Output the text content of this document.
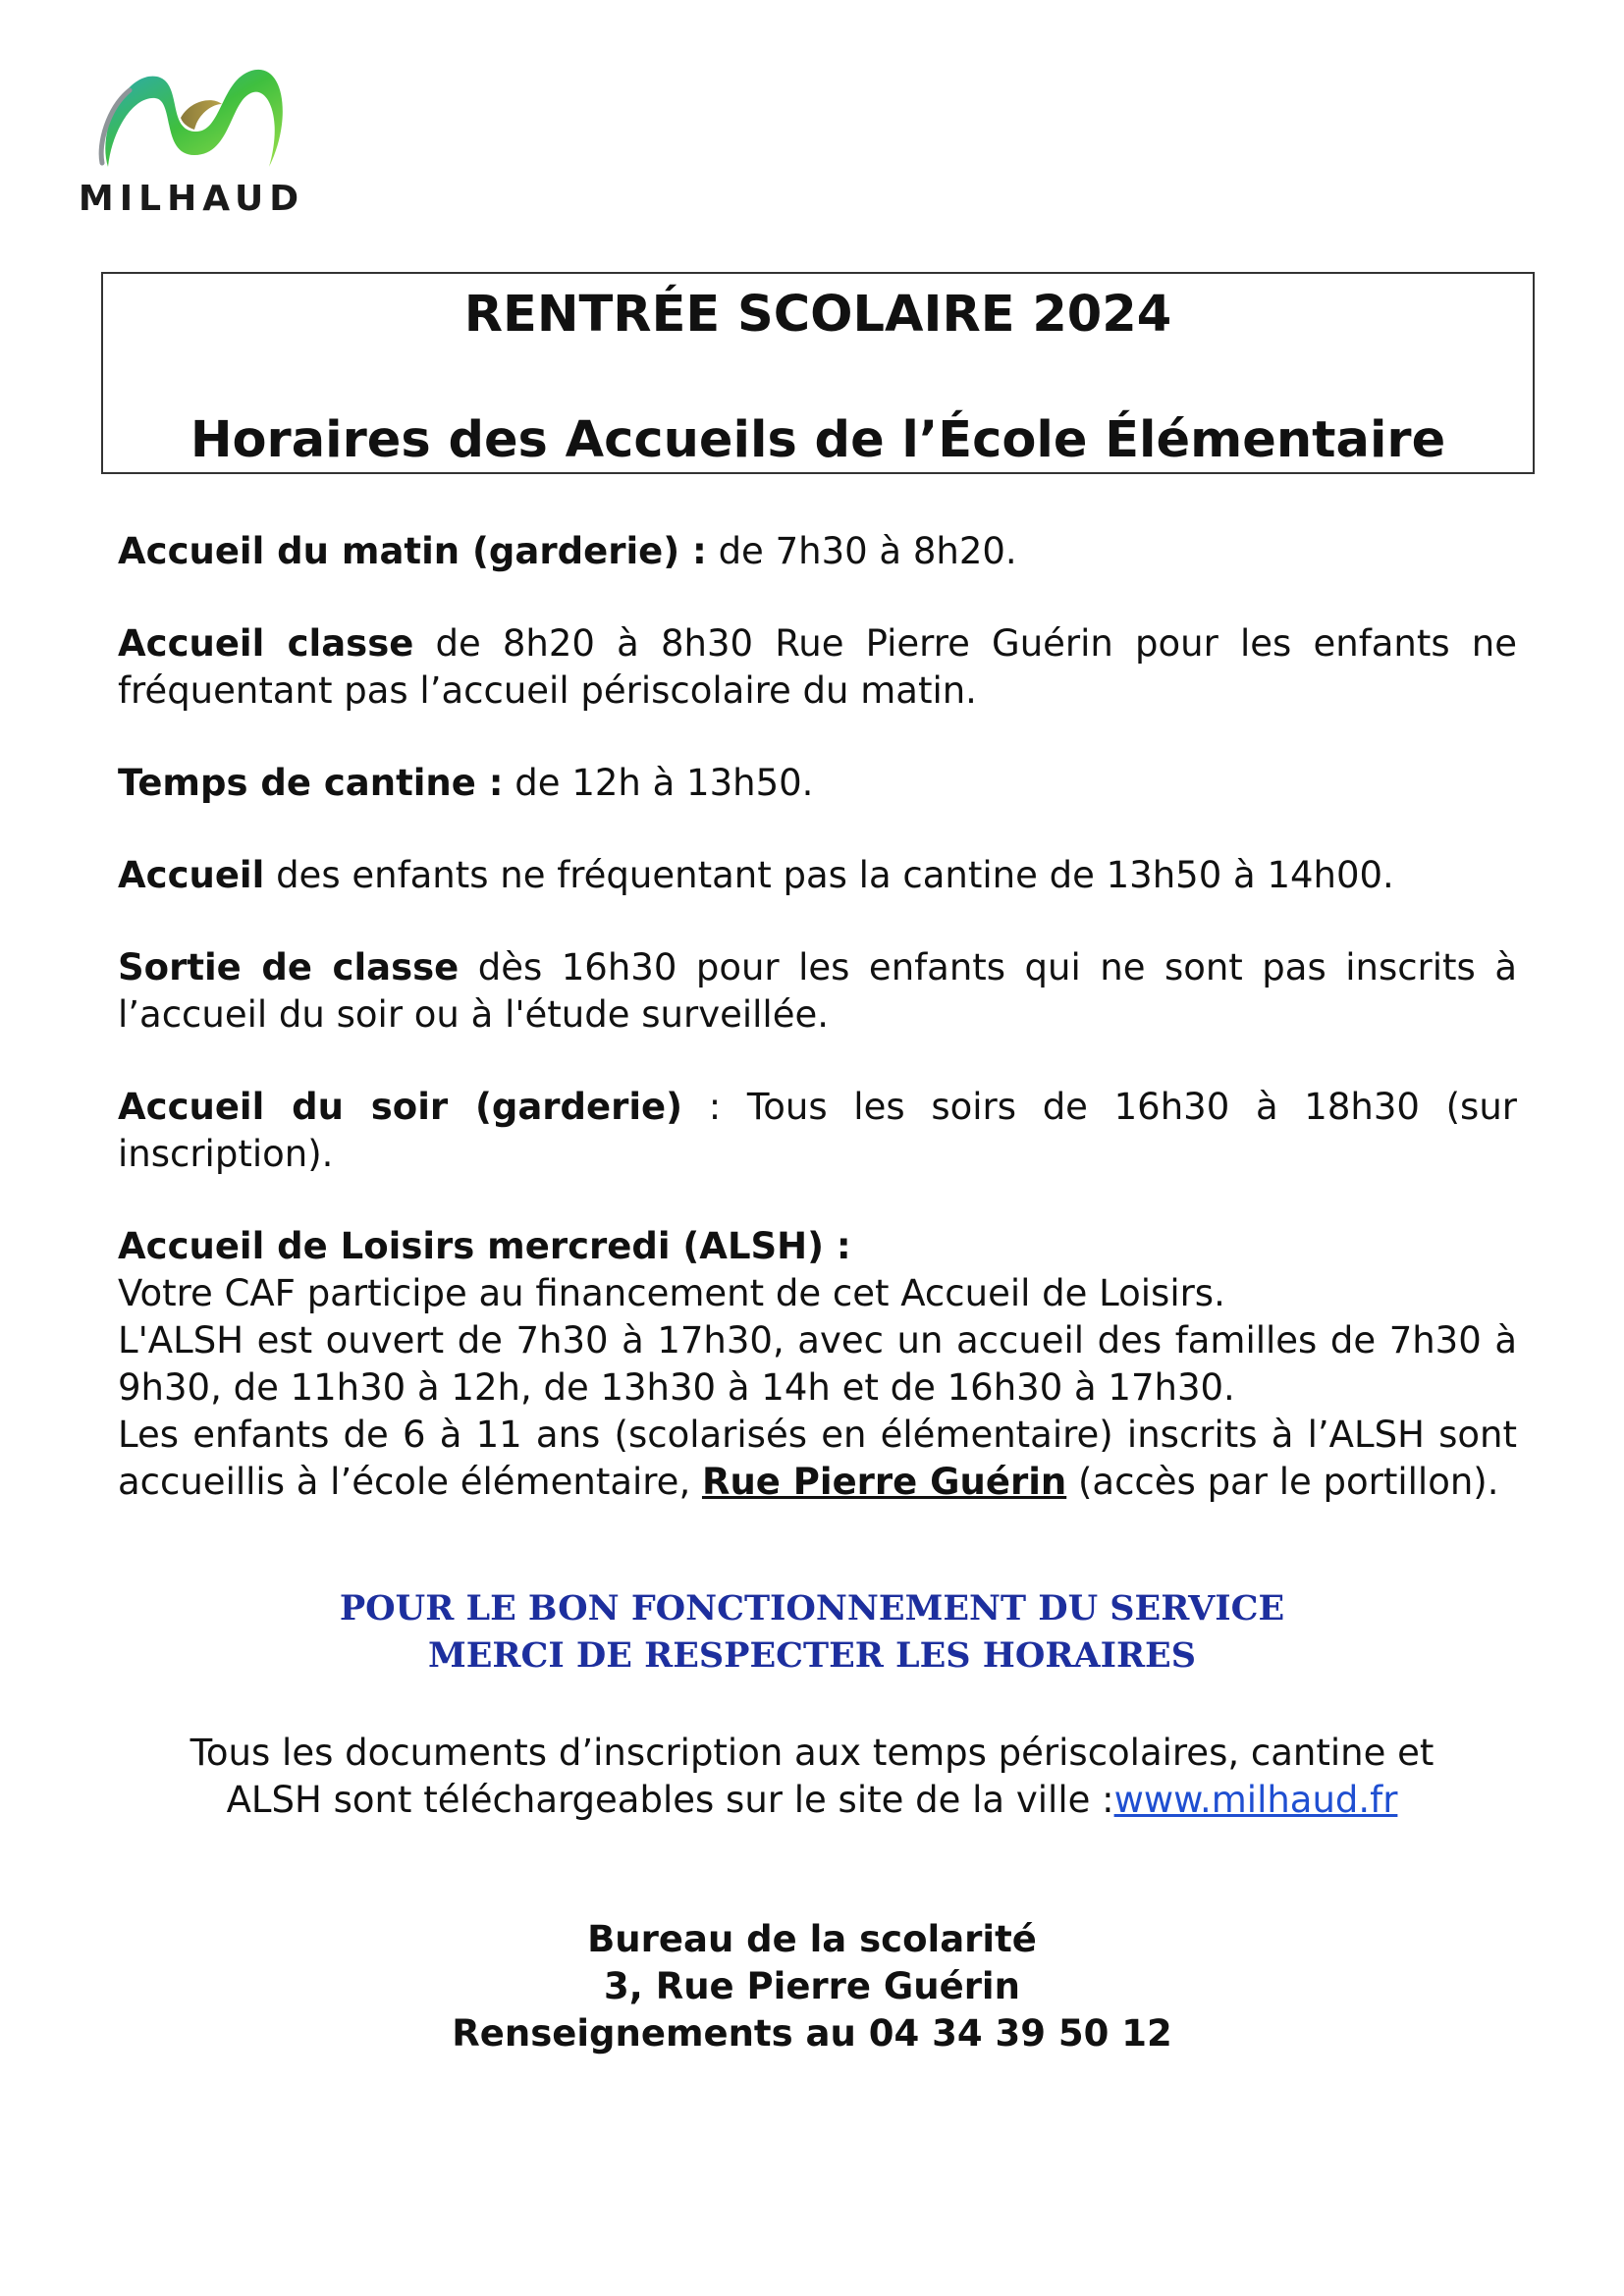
MILHAUD
RENTRÉE SCOLAIRE 2024
Horaires des Accueils de l’École Élémentaire

Accueil du matin (garderie) : de 7h30 à 8h20.

Accueil classe de 8h20 à 8h30 Rue Pierre Guérin pour les enfants ne fréquentant pas l’accueil périscolaire du matin.

Temps de cantine : de 12h à 13h50.

Accueil des enfants ne fréquentant pas la cantine de 13h50 à 14h00.

Sortie de classe dès 16h30 pour les enfants qui ne sont pas inscrits à l’accueil du soir ou à l'étude surveillée.

Accueil du soir (garderie) : Tous les soirs de 16h30 à 18h30 (sur inscription).

Accueil de Loisirs mercredi (ALSH) :
Votre CAF participe au financement de cet Accueil de Loisirs.
L'ALSH est ouvert de 7h30 à 17h30, avec un accueil des familles de 7h30 à 9h30, de 11h30 à 12h, de 13h30 à 14h et de 16h30 à 17h30.
Les enfants de 6 à 11 ans (scolarisés en élémentaire) inscrits à l’ALSH sont accueillis à l’école élémentaire, Rue Pierre Guérin (accès par le portillon).
POUR LE BON FONCTIONNEMENT DU SERVICE
MERCI DE RESPECTER LES HORAIRES
Tous les documents d’inscription aux temps périscolaires, cantine et
ALSH sont téléchargeables sur le site de la ville :www.milhaud.fr
Bureau de la scolarité
3, Rue Pierre Guérin
Renseignements au 04 34 39 50 12
